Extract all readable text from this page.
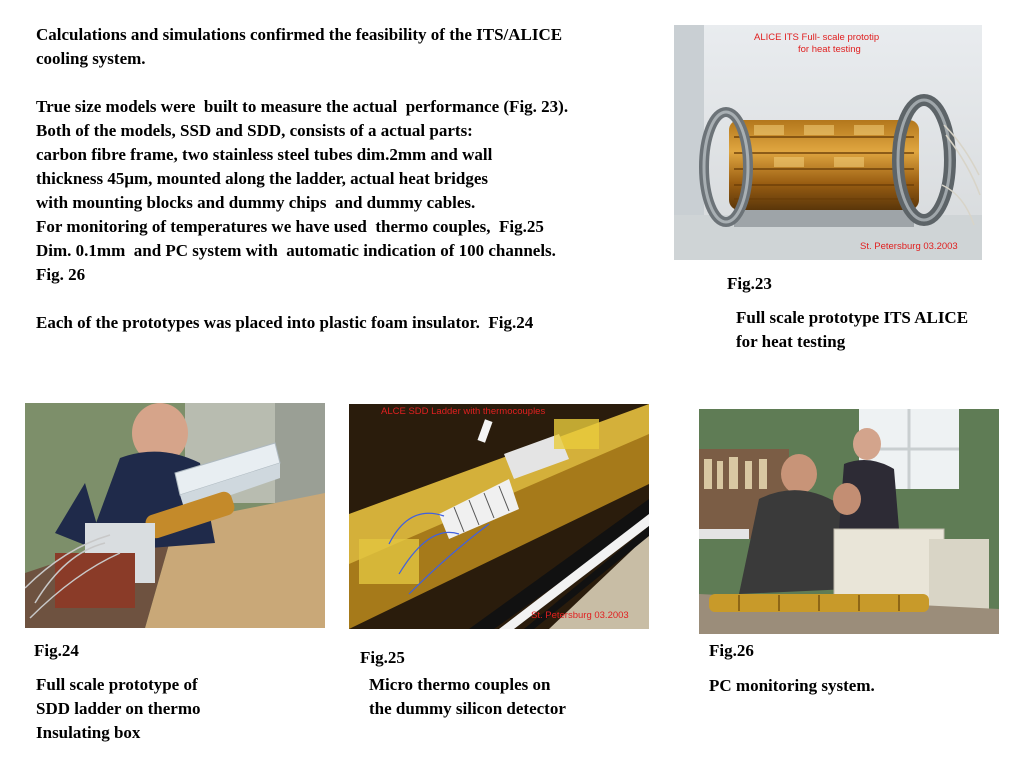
Calculations and simulations confirmed the feasibility of the ITS/ALICE
cooling system.
True size models were  built to measure the actual  performance (Fig. 23).
Both of the models, SSD and SDD, consists of a actual parts:
carbon fibre frame, two stainless steel tubes dim.2mm and wall
thickness 45μm, mounted along the ladder, actual heat bridges
with mounting blocks and dummy chips  and dummy cables.
For monitoring of temperatures we have used  thermo couples,  Fig.25
Dim. 0.1mm  and PC system with  automatic indication of 100 channels.
Fig. 26
Each of the prototypes was placed into plastic foam insulator.  Fig.24
ALICE ITS Full- scale prototip
for heat testing
St. Petersburg 03.2003
Fig.23
Full scale prototype ITS ALICE
for heat testing
Fig.24
Full scale prototype of
SDD ladder on thermo
Insulating box
ALCE SDD Ladder with thermocouples
St. Petersburg 03.2003
Fig.25
Micro thermo couples on
the dummy silicon detector
Fig.26
PC monitoring system.
